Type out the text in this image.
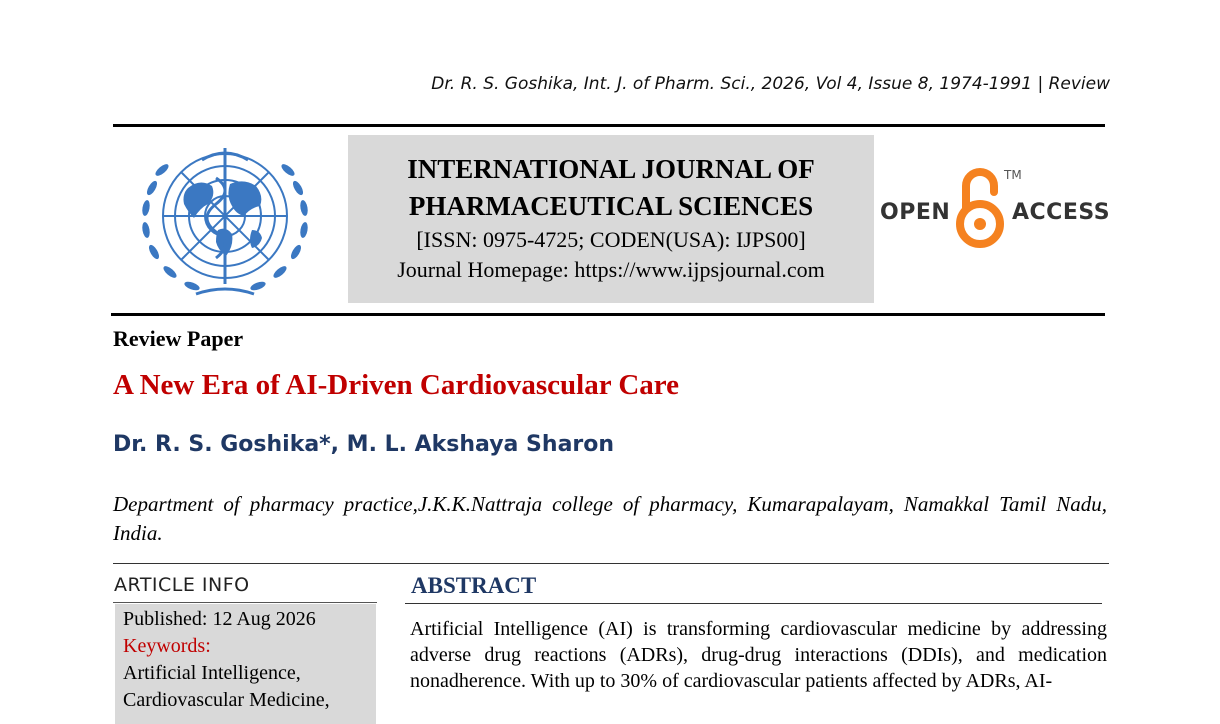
Dr. R. S. Goshika, Int. J. of Pharm. Sci., 2026, Vol 4, Issue 8, 1974-1991 | Review

INTERNATIONAL JOURNAL OF

PHARMACEUTICAL SCIENCES

[ISSN: 0975-4725; CODEN(USA): IJPS00]

Journal Homepage: https://www.ijpsjournal.com

OPEN
TM
ACCESS
Review Paper
A New Era of AI-Driven Cardiovascular Care
Dr. R. S. Goshika*, M. L. Akshaya Sharon
Department of pharmacy practice,J.K.K.Nattraja college of pharmacy, Kumarapalayam, Namakkal Tamil Nadu, India.
ARTICLE INFO
Published: 12 Aug 2026
Keywords:
Artificial Intelligence,
Cardiovascular Medicine,
ABSTRACT
Artificial Intelligence (AI) is transforming cardiovascular medicine by addressing adverse drug reactions (ADRs), drug-drug interactions (DDIs), and medication nonadherence. With up to 30% of cardiovascular patients affected by ADRs, AI-
